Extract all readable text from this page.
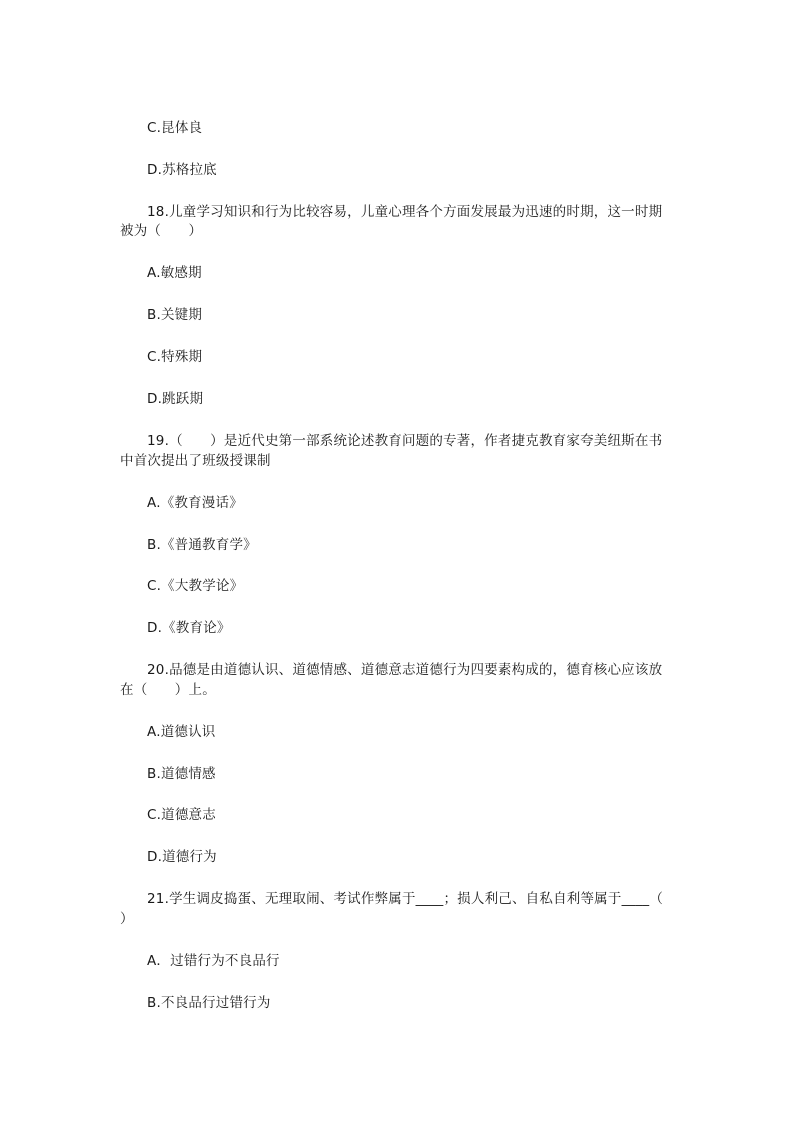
C.昆体良
D.苏格拉底
18.儿童学习知识和行为比较容易，儿童心理各个方面发展最为迅速的时期，这一时期
被为（　　）
A.敏感期
B.关键期
C.特殊期
D.跳跃期
19.（　　）是近代史第一部系统论述教育问题的专著，作者捷克教育家夸美纽斯在书
中首次提出了班级授课制
A.《教育漫话》
B.《普通教育学》
C.《大教学论》
D.《教育论》
20.品德是由道德认识、道德情感、道德意志道德行为四要素构成的，德育核心应该放
在（　　）上。
A.道德认识
B.道德情感
C.道德意志
D.道德行为
21.学生调皮捣蛋、无理取闹、考试作弊属于____；损人利己、自私自利等属于____（
）
A．过错行为不良品行
B.不良品行过错行为
